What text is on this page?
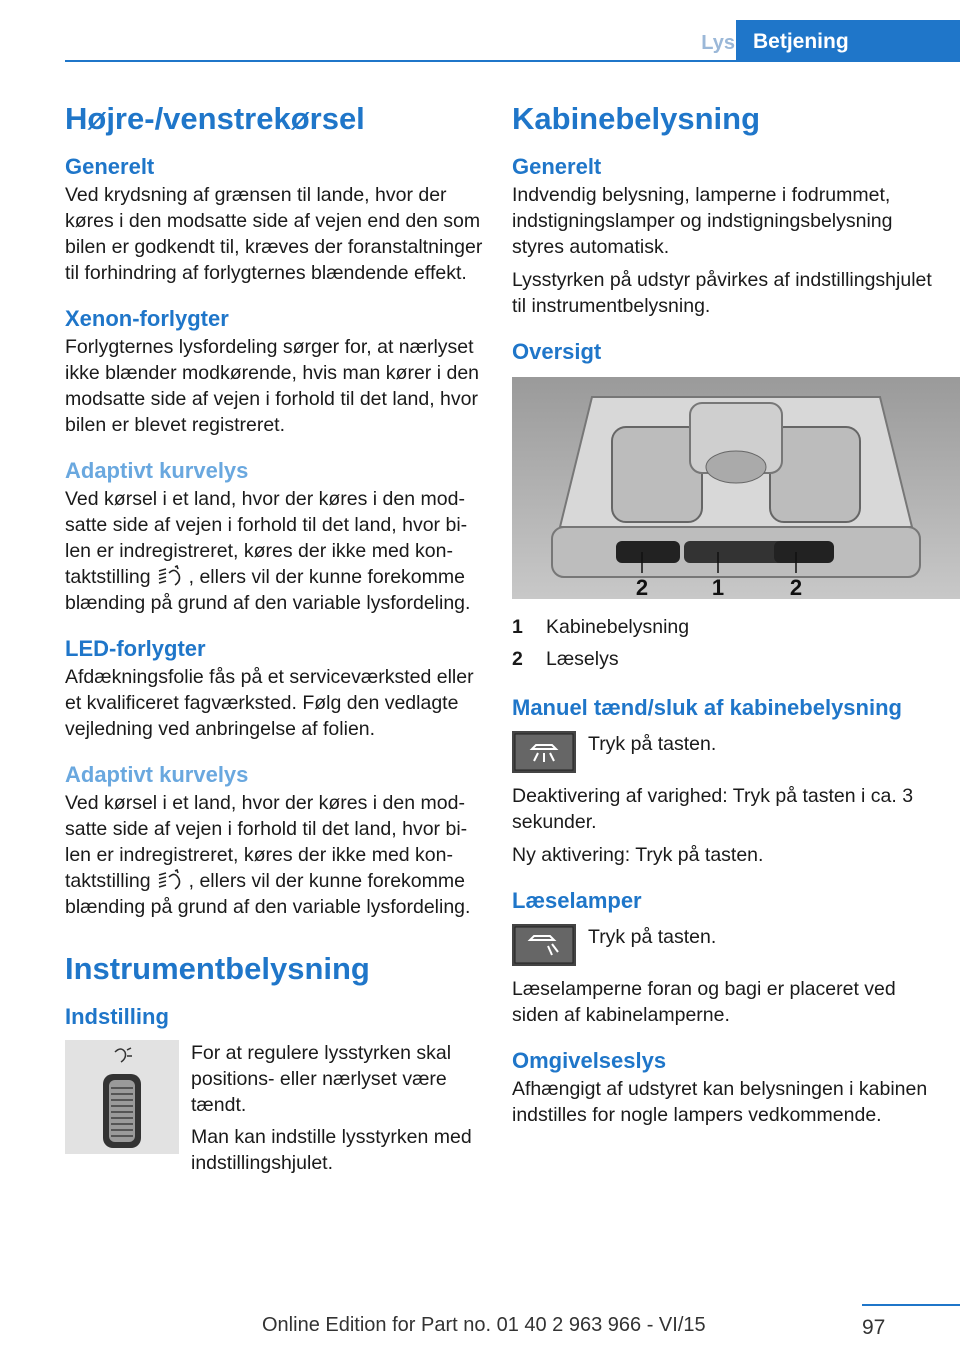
Lys Betjening
Højre-/venstrekørsel
Generelt

Ved krydsning af grænsen til lande, hvor der køres i den modsatte side af vejen end den som bilen er godkendt til, kræves der foranstaltninger til forhindring af forlygternes blændende effekt.

Xenon-forlygter

Forlygternes lysfordeling sørger for, at nærlyset ikke blænder modkørende, hvis man kører i den modsatte side af vejen i forhold til det land, hvor bilen er blevet registreret.

Adaptivt kurvelys

Ved kørsel i et land, hvor der køres i den modsatte side af vejen i forhold til det land, hvor bilen er indregistreret, køres der ikke med kontaktstilling , ellers vil der kunne forekomme blænding på grund af den variable lysfordeling.

LED-forlygter

Afdækningsfolie fås på et serviceværksted eller et kvalificeret fagværksted. Følg den vedlagte vejledning ved anbringelse af folien.

Adaptivt kurvelys

Ved kørsel i et land, hvor der køres i den modsatte side af vejen i forhold til det land, hvor bilen er indregistreret, køres der ikke med kontaktstilling , ellers vil der kunne forekomme blænding på grund af den variable lysfordeling.

Instrumentbelysning
Indstilling

For at regulere lysstyrken skal positions- eller nærlyset være tændt.

Man kan indstille lysstyrken med indstillingshjulet.

Kabinebelysning
Generelt

Indvendig belysning, lamperne i fodrummet, indstigningslamper og indstigningsbelysning styres automatisk.

Lysstyrken på udstyr påvirkes af indstillingshjulet til instrumentbelysning.

Oversigt
2	1	2
1	Kabinebelysning
2	Læselys
Manuel tænd/sluk af kabinebelysning

Tryk på tasten.

Deaktivering af varighed: Tryk på tasten i ca. 3 sekunder.

Ny aktivering: Tryk på tasten.

Læselamper

Tryk på tasten.

Læselamperne foran og bagi er placeret ved siden af kabinelamperne.

Omgivelseslys

Afhængigt af udstyret kan belysningen i kabinen indstilles for nogle lampers vedkommende.

97
Online Edition for Part no. 01 40 2 963 966 - VI/15
